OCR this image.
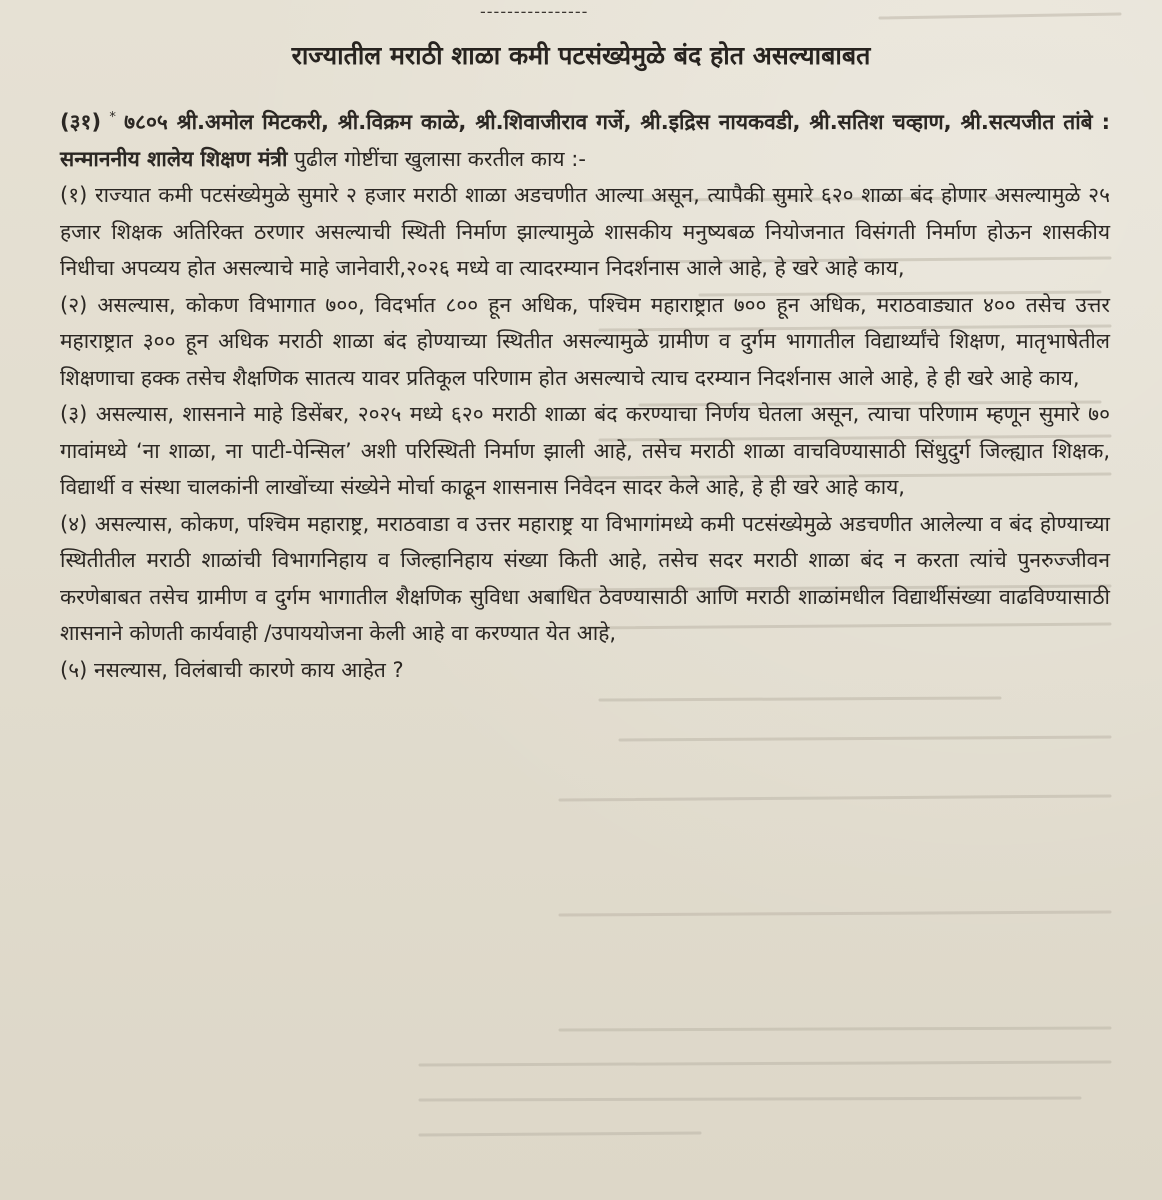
----------------
राज्यातील मराठी शाळा कमी पटसंख्येमुळे बंद होत असल्याबाबत

(३१) * ७८०५ श्री.अमोल मिटकरी, श्री.विक्रम काळे, श्री.शिवाजीराव गर्जे, श्री.इद्रिस नायकवडी, श्री.सतिश चव्हाण, श्री.सत्यजीत तांबे : सन्माननीय शालेय शिक्षण मंत्री पुढील गोष्टींचा खुलासा करतील काय :-

(१) राज्यात कमी पटसंख्येमुळे सुमारे २ हजार मराठी शाळा अडचणीत आल्या असून, त्यापैकी सुमारे ६२० शाळा बंद होणार असल्यामुळे २५ हजार शिक्षक अतिरिक्त ठरणार असल्याची स्थिती निर्माण झाल्यामुळे शासकीय मनुष्यबळ नियोजनात विसंगती निर्माण होऊन शासकीय निधीचा अपव्यय होत असल्याचे माहे जानेवारी,२०२६ मध्ये वा त्यादरम्यान निदर्शनास आले आहे, हे खरे आहे काय,

(२) असल्यास, कोकण विभागात ७००, विदर्भात ८०० हून अधिक, पश्चिम महाराष्ट्रात ७०० हून अधिक, मराठवाड्यात ४०० तसेच उत्तर महाराष्ट्रात ३०० हून अधिक मराठी शाळा बंद होण्याच्या स्थितीत असल्यामुळे ग्रामीण व दुर्गम भागातील विद्यार्थ्यांचे शिक्षण, मातृभाषेतील शिक्षणाचा हक्क तसेच शैक्षणिक सातत्य यावर प्रतिकूल परिणाम होत असल्याचे त्याच दरम्यान निदर्शनास आले आहे, हे ही खरे आहे काय,

(३) असल्यास, शासनाने माहे डिसेंबर, २०२५ मध्ये ६२० मराठी शाळा बंद करण्याचा निर्णय घेतला असून, त्याचा परिणाम म्हणून सुमारे ७० गावांमध्ये ‘ना शाळा, ना पाटी-पेन्सिल’ अशी परिस्थिती निर्माण झाली आहे, तसेच मराठी शाळा वाचविण्यासाठी सिंधुदुर्ग जिल्ह्यात शिक्षक, विद्यार्थी व संस्था चालकांनी लाखोंच्या संख्येने मोर्चा काढून शासनास निवेदन सादर केले आहे, हे ही खरे आहे काय,

(४) असल्यास, कोकण, पश्चिम महाराष्ट्र, मराठवाडा व उत्तर महाराष्ट्र या विभागांमध्ये कमी पटसंख्येमुळे अडचणीत आलेल्या व बंद होण्याच्या स्थितीतील मराठी शाळांची विभागनिहाय व जिल्हानिहाय संख्या किती आहे, तसेच सदर मराठी शाळा बंद न करता त्यांचे पुनरुज्जीवन करणेबाबत तसेच ग्रामीण व दुर्गम भागातील शैक्षणिक सुविधा अबाधित ठेवण्यासाठी आणि मराठी शाळांमधील विद्यार्थीसंख्या वाढविण्यासाठी शासनाने कोणती कार्यवाही /उपाययोजना केली आहे वा करण्यात येत आहे,

(५) नसल्यास, विलंबाची कारणे काय आहेत ?
